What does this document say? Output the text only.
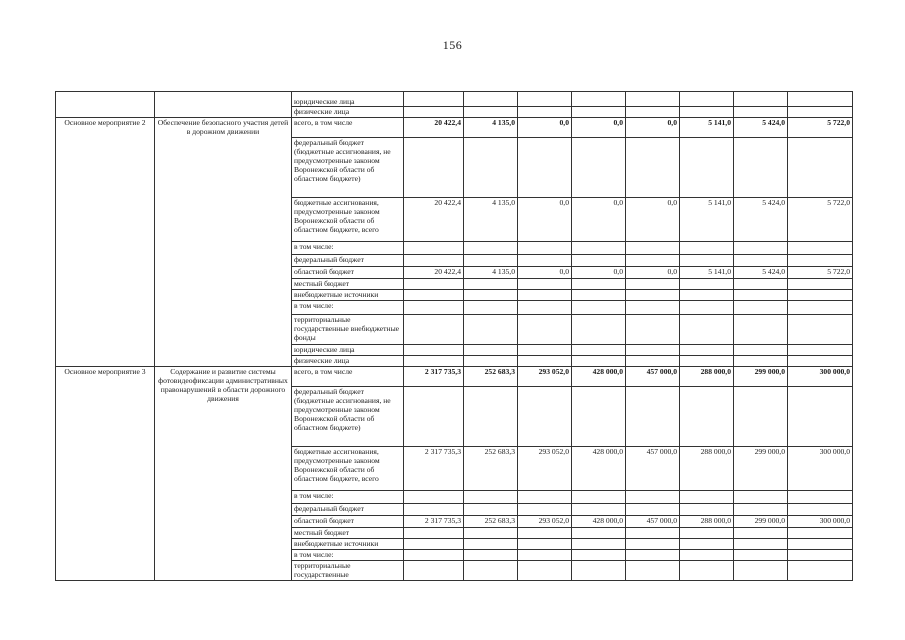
156
		юридические лица								
		физические лица								
Основное мероприятие 2	Обеспечение безопасного участия детей в дорожном движении	всего, в том числе	20 422,4	4 135,0	0,0	0,0	0,0	5 141,0	5 424,0	5 722,0
		федеральный бюджет (бюджетные ассигнования, не предусмотренные законом Воронежской области об областном бюджете)								
		бюджетные ассигнования,
предусмотренные законом
Воронежской области об
областном бюджете, всего	20 422,4	4 135,0	0,0	0,0	0,0	5 141,0	5 424,0	5 722,0
		в том числе:								
		федеральный бюджет								
		областной бюджет	20 422,4	4 135,0	0,0	0,0	0,0	5 141,0	5 424,0	5 722,0
		местный бюджет								
		внебюджетные источники								
		в том числе:								
		территориальные государственные внебюджетные фонды								
		юридические лица								
		физические лица								
Основное мероприятие 3	Содержание и развитие системы фотовидеофиксации административных правонарушений в области дорожного движения	всего, в том числе	2 317 735,3	252 683,3	293 052,0	428 000,0	457 000,0	288 000,0	299 000,0	300 000,0
		федеральный бюджет (бюджетные ассигнования, не предусмотренные законом Воронежской области об областном бюджете)								
		бюджетные ассигнования,
предусмотренные законом
Воронежской области об
областном бюджете, всего	2 317 735,3	252 683,3	293 052,0	428 000,0	457 000,0	288 000,0	299 000,0	300 000,0
		в том числе:								
		федеральный бюджет								
		областной бюджет	2 317 735,3	252 683,3	293 052,0	428 000,0	457 000,0	288 000,0	299 000,0	300 000,0
		местный бюджет								
		внебюджетные источники								
		в том числе:								
		территориальные государственные								
